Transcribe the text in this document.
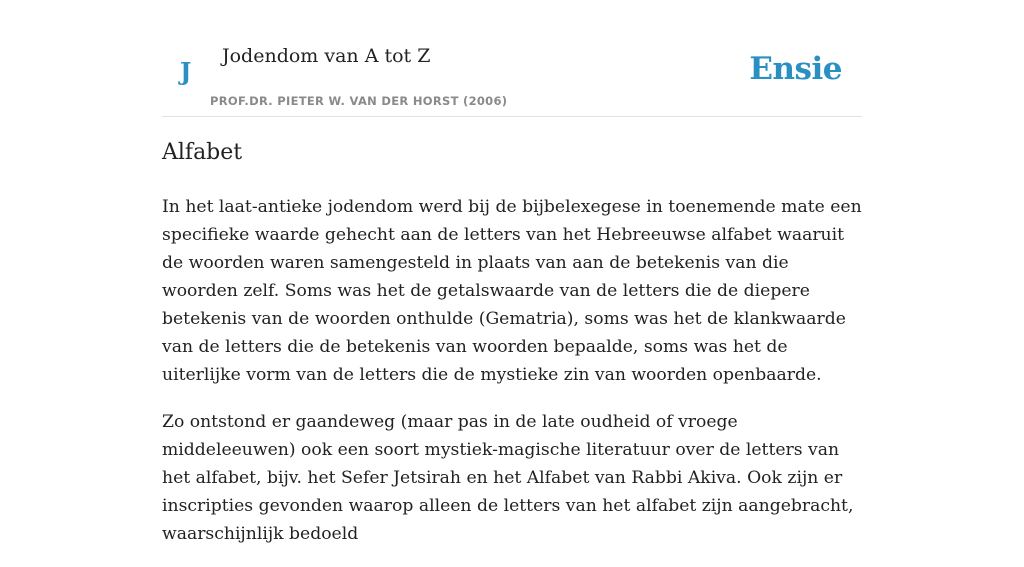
J
Jodendom van A tot Z
PROF.DR. PIETER W. VAN DER HORST (2006)
Ensie
Alfabet

In het laat-antieke jodendom werd bij de bijbelexegese in toenemende mate een specifieke waarde gehecht aan de letters van het Hebreeuwse alfabet waaruit de woorden waren samengesteld in plaats van aan de betekenis van die woorden zelf. Soms was het de getalswaarde van de letters die de diepere betekenis van de woorden onthulde (Gematria), soms was het de klankwaarde van de letters die de betekenis van woorden bepaalde, soms was het de uiterlijke vorm van de letters die de mystieke zin van woorden openbaarde.

Zo ontstond er gaandeweg (maar pas in de late oudheid of vroege middeleeuwen) ook een soort mystiek-magische literatuur over de letters van het alfabet, bijv. het Sefer Jetsirah en het Alfabet van Rabbi Akiva. Ook zijn er inscripties gevonden waarop alleen de letters van het alfabet zijn aangebracht, waarschijnlijk bedoeld
